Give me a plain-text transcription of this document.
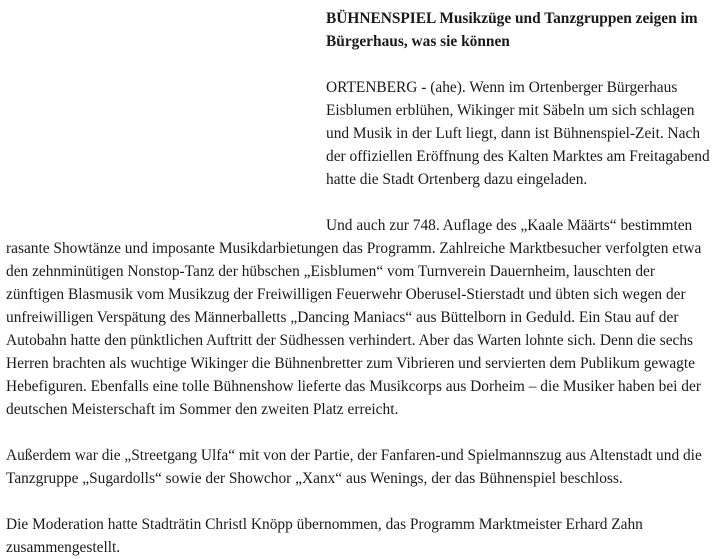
BÜHNENSPIEL Musikzüge und Tanzgruppen zeigen im Bürgerhaus, was sie können
ORTENBERG - (ahe). Wenn im Ortenberger Bürgerhaus Eisblumen erblühen, Wikinger mit Säbeln um sich schlagen und Musik in der Luft liegt, dann ist Bühnenspiel-Zeit. Nach der offiziellen Eröffnung des Kalten Marktes am Freitagabend hatte die Stadt Ortenberg dazu eingeladen.

Und auch zur 748. Auflage des „Kaale Määrts“ bestimmten rasante Showtänze und imposante Musikdarbietungen das Programm. Zahlreiche Marktbesucher verfolgten etwa den zehnminütigen Nonstop-Tanz der hübschen „Eisblumen“ vom Turnverein Dauernheim, lauschten der zünftigen Blasmusik vom Musikzug der Freiwilligen Feuerwehr Oberusel-Stierstadt und übten sich wegen der unfreiwilligen Verspätung des Männerballetts „Dancing Maniacs“ aus Büttelborn in Geduld. Ein Stau auf der Autobahn hatte den pünktlichen Auftritt der Südhessen verhindert. Aber das Warten lohnte sich. Denn die sechs Herren brachten als wuchtige Wikinger die Bühnenbretter zum Vibrieren und servierten dem Publikum gewagte Hebefiguren. Ebenfalls eine tolle Bühnenshow lieferte das Musikcorps aus Dorheim – die Musiker haben bei der deutschen Meisterschaft im Sommer den zweiten Platz erreicht.

Außerdem war die „Streetgang Ulfa“ mit von der Partie, der Fanfaren-und Spielmannszug aus Altenstadt und die Tanzgruppe „Sugardolls“ sowie der Showchor „Xanx“ aus Wenings, der das Bühnenspiel beschloss.

Die Moderation hatte Stadträtin Christl Knöpp übernommen, das Programm Marktmeister Erhard Zahn zusammengestellt.
